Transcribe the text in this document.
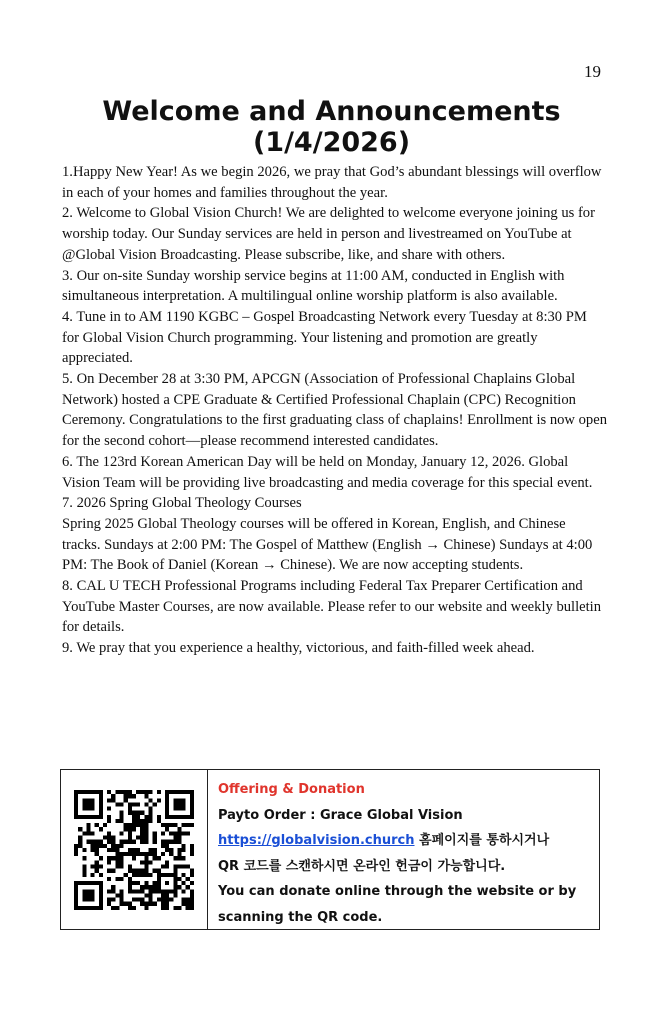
19
Welcome and Announcements
(1/4/2026)

1.Happy New Year! As we begin 2026, we pray that God’s abundant blessings will overflow in each of your homes and families throughout the year.

2. Welcome to Global Vision Church! We are delighted to welcome everyone joining us for worship today. Our Sunday services are held in person and livestreamed on YouTube at @Global Vision Broadcasting. Please subscribe, like, and share with others.

3. Our on-site Sunday worship service begins at 11:00 AM, conducted in English with simultaneous interpretation. A multilingual online worship platform is also available.

4. Tune in to AM 1190 KGBC – Gospel Broadcasting Network every Tuesday at 8:30 PM for Global Vision Church programming. Your listening and promotion are greatly appreciated.

5. On December 28 at 3:30 PM, APCGN (Association of Professional Chaplains Global Network) hosted a CPE Graduate & Certified Professional Chaplain (CPC) Recognition Ceremony. Congratulations to the first graduating class of chaplains! Enrollment is now open for the second cohort—please recommend interested candidates.

6. The 123rd Korean American Day will be held on Monday, January 12, 2026. Global Vision Team will be providing live broadcasting and media coverage for this special event.

7. 2026 Spring Global Theology Courses

Spring 2025 Global Theology courses will be offered in Korean, English, and Chinese tracks. Sundays at 2:00 PM: The Gospel of Matthew (English → Chinese) Sundays at 4:00 PM: The Book of Daniel (Korean → Chinese). We are now accepting students.

8. CAL U TECH Professional Programs including Federal Tax Preparer Certification and YouTube Master Courses, are now available. Please refer to our website and weekly bulletin for details.

9. We pray that you experience a healthy, victorious, and faith-filled week ahead.

Offering & Donation
Payto Order : Grace Global Vision
https://globalvision.church 홈페이지를 통하시거나
QR 코드를 스캔하시면 온라인 헌금이 가능합니다.
You can donate online through the website or by
scanning the QR code.
